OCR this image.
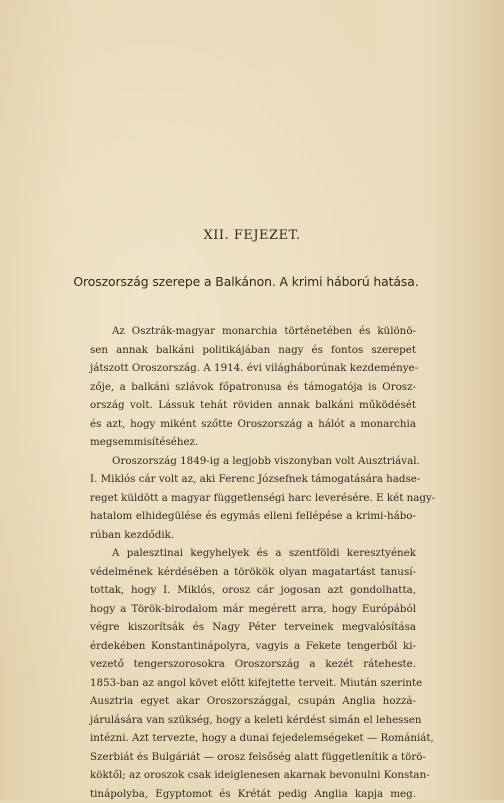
XII. FEJEZET.
Oroszország szerepe a Balkánon. A krimi háború hatása.
Az Osztrák-magyar monarchia történetében és különö-
sen annak balkáni politikájában nagy és fontos szerepet
játszott Oroszország. A 1914. évi világháborúnak kezdeménye-
zője, a balkáni szlávok főpatronusa és támogatója is Orosz-
ország volt. Lássuk tehát röviden annak balkáni működését
és azt, hogy miként szőtte Oroszország a hálót a monarchia
megsemmisítéséhez.
Oroszország 1849-ig a legjobb viszonyban volt Ausztriával.
I. Miklós cár volt az, aki Ferenc Józsefnek támogatására hadse-
reget küldött a magyar függetlenségi harc leverésére. E két nagy-
hatalom elhidegülése és egymás elleni fellépése a krimi-hábo-
rúban kezdődik.
A palesztinai kegyhelyek és a szentföldi keresztyének
védelmének kérdésében a törökök olyan magatartást tanusí-
tottak, hogy I. Miklós, orosz cár jogosan azt gondolhatta,
hogy a Török-birodalom már megérett arra, hogy Európából
végre kiszorítsák és Nagy Péter terveinek megvalósítása
érdekében Konstantinápolyra, vagyis a Fekete tengerből ki-
vezető tengerszorosokra Oroszország a kezét ráteheste.
1853-ban az angol követ előtt kifejtette terveit. Miután szerinte
Ausztria egyet akar Oroszországgal, csupán Anglia hozzá-
járulására van szükség, hogy a keleti kérdést simán el lehessen
intézni. Azt tervezte, hogy a dunai fejedelemségeket — Romániát,
Szerbiát és Bulgáriát — orosz felsőség alatt függetlenítik a törö-
köktől; az oroszok csak ideiglenesen akarnak bevonulni Konstan-
tinápolyba, Egyptomot és Krétát pedig Anglia kapja meg.
